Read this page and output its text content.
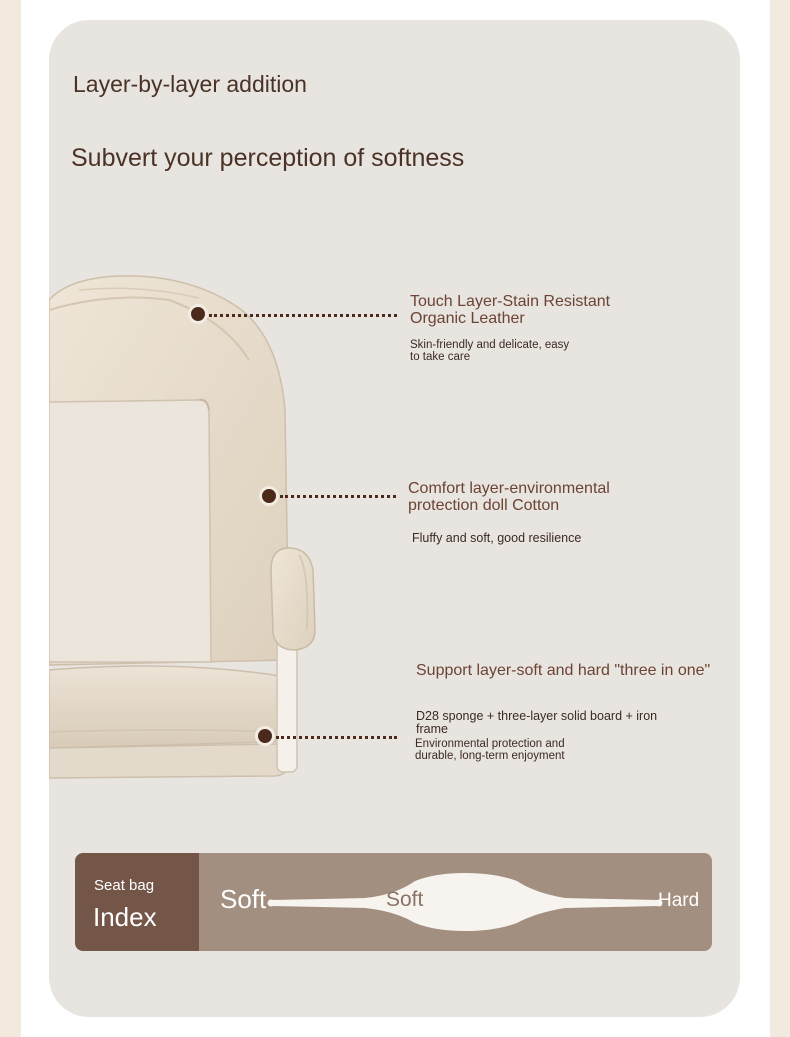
Layer-by-layer addition
Subvert your perception of softness
Touch Layer-Stain Resistant Organic Leather
Skin-friendly and delicate, easy to take care
Comfort layer-environmental protection doll Cotton
Fluffy and soft, good resilience
Support layer-soft and hard "three in one"
D28 sponge + three-layer solid board + iron frame
Environmental protection and durable, long-term enjoyment
Seat bag
Index
Soft	Soft	Hard
